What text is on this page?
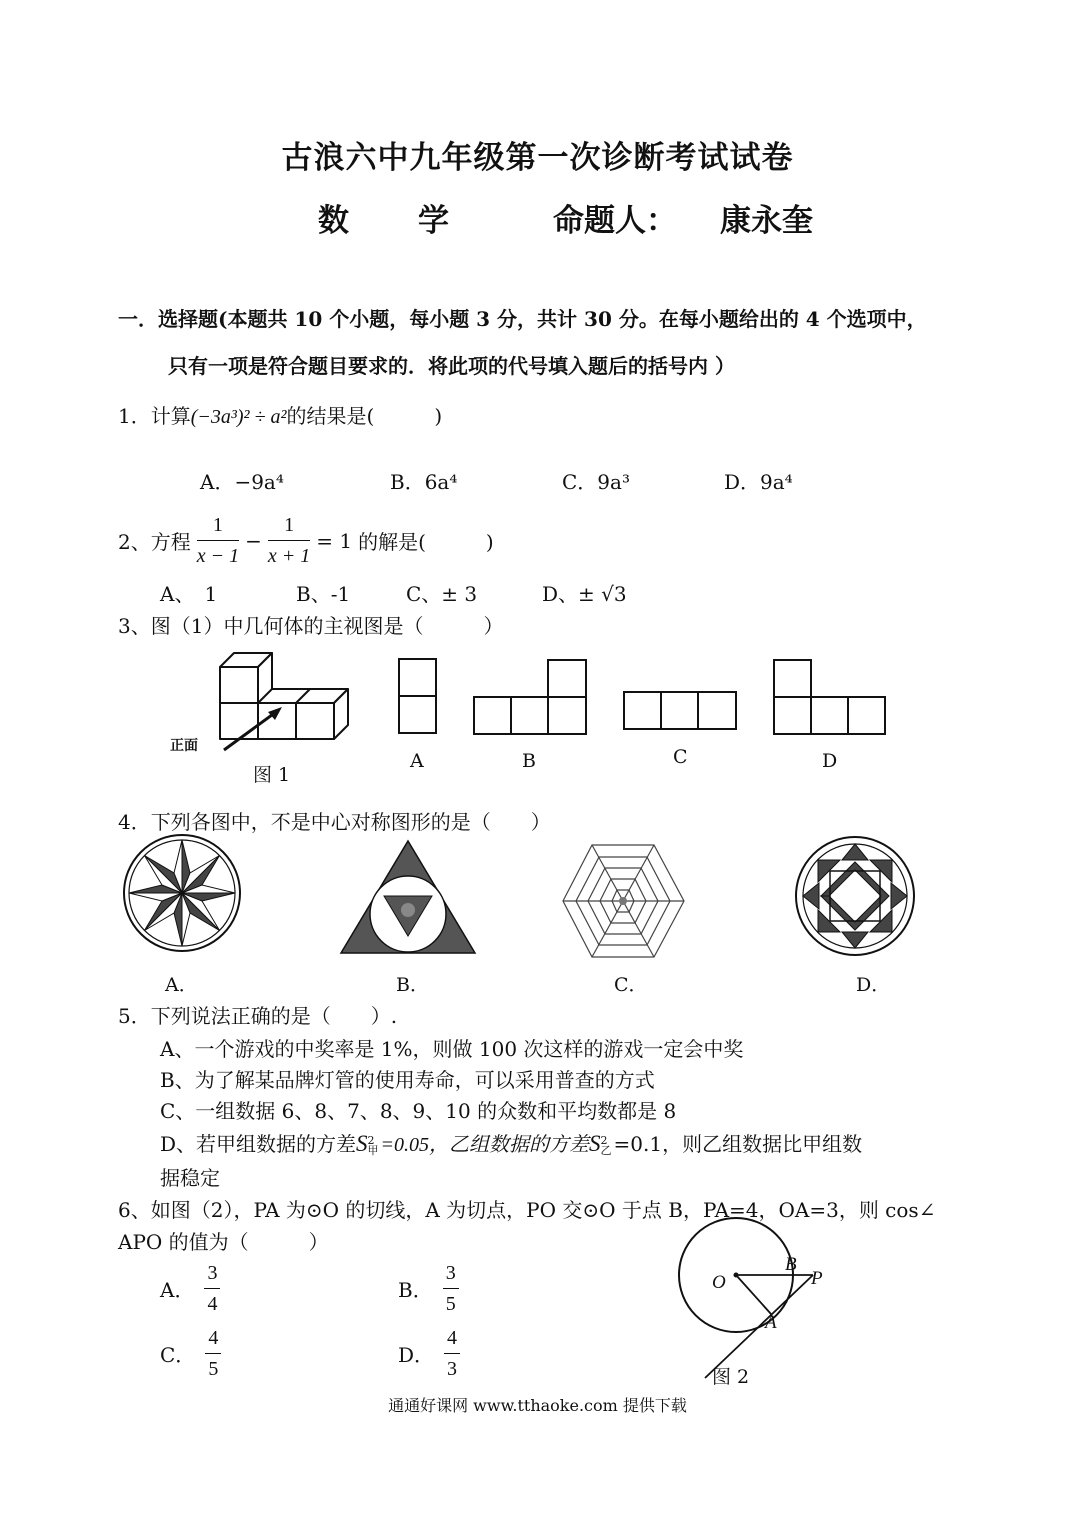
古浪六中九年级第一次诊断考试试卷
数 学	命题人： 康永奎
一．选择题(本题共 10 个小题，每小题 3 分，共计 30 分。在每小题给出的 4 个选项中，
只有一项是符合题目要求的．将此项的代号填入题后的括号内 ）
1．计算(−3a³)² ÷ a²的结果是(　　　)
A．−9a⁴	B．6a⁴	C．9a³	D．9a⁴
2、方程 $\frac{1}{x - 1} - \frac{1}{x + 1} = 1$ 的解是(　　　)
A、　1	B、-1	C、± 3	D、± √3
3、图（1）中几何体的主视图是（　　　）
正面
图 1
A	B	C	D
4．下列各图中，不是中心对称图形的是（　　）
A．	B．	C．	D．
5．下列说法正确的是（　　）.
A、一个游戏的中奖率是 1%，则做 100 次这样的游戏一定会中奖
B、为了解某品牌灯管的使用寿命，可以采用普查的方式
C、一组数据 6、8、7、8、9、10 的众数和平均数都是 8
D、若甲组数据的方差S 2
甲 =0.05，乙组数据的方差S 2
乙 =0.1，则乙组数据比甲组数
据稳定
6、如图（2），PA 为⊙O 的切线，A 为切点，PO 交⊙O 于点 B，PA=4，OA=3，则 cos∠
APO 的值为（　　　）
A． $\frac{3}{4}$	B． $\frac{3}{5}$
C． $\frac{4}{5}$	D． $\frac{4}{3}$
O
B
P
A
图 2
通通好课网 www.tthaoke.com 提供下载
